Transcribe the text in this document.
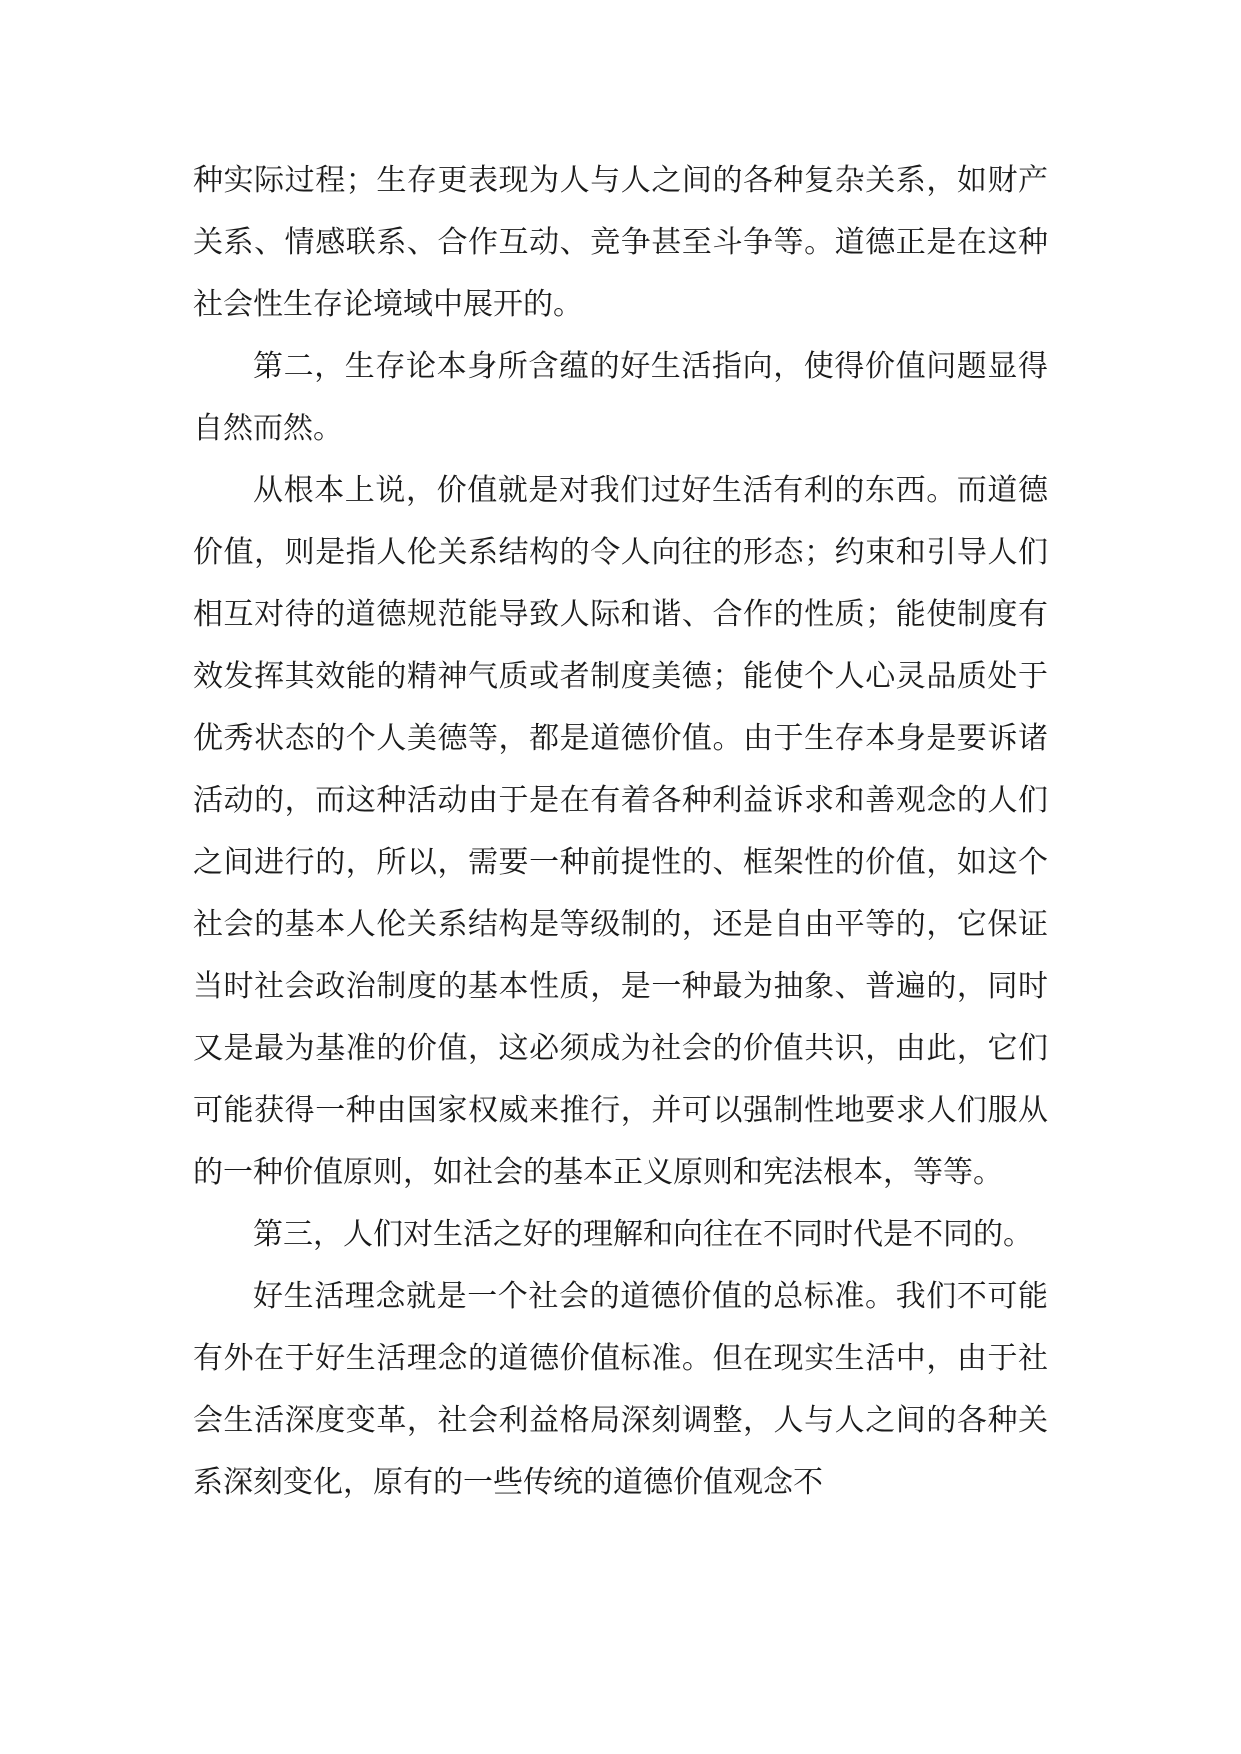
种实际过程；生存更表现为人与人之间的各种复杂关系，如财产关系、情感联系、合作互动、竞争甚至斗争等。道德正是在这种社会性生存论境域中展开的。

第二，生存论本身所含蕴的好生活指向，使得价值问题显得自然而然。

从根本上说，价值就是对我们过好生活有利的东西。而道德价值，则是指人伦关系结构的令人向往的形态；约束和引导人们相互对待的道德规范能导致人际和谐、合作的性质；能使制度有效发挥其效能的精神气质或者制度美德；能使个人心灵品质处于优秀状态的个人美德等，都是道德价值。由于生存本身是要诉诸活动的，而这种活动由于是在有着各种利益诉求和善观念的人们之间进行的，所以，需要一种前提性的、框架性的价值，如这个社会的基本人伦关系结构是等级制的，还是自由平等的，它保证当时社会政治制度的基本性质，是一种最为抽象、普遍的，同时又是最为基准的价值，这必须成为社会的价值共识，由此，它们可能获得一种由国家权威来推行，并可以强制性地要求人们服从的一种价值原则，如社会的基本正义原则和宪法根本，等等。

第三，人们对生活之好的理解和向往在不同时代是不同的。

好生活理念就是一个社会的道德价值的总标准。我们不可能有外在于好生活理念的道德价值标准。但在现实生活中，由于社会生活深度变革，社会利益格局深刻调整，人与人之间的各种关系深刻变化，原有的一些传统的道德价值观念不
